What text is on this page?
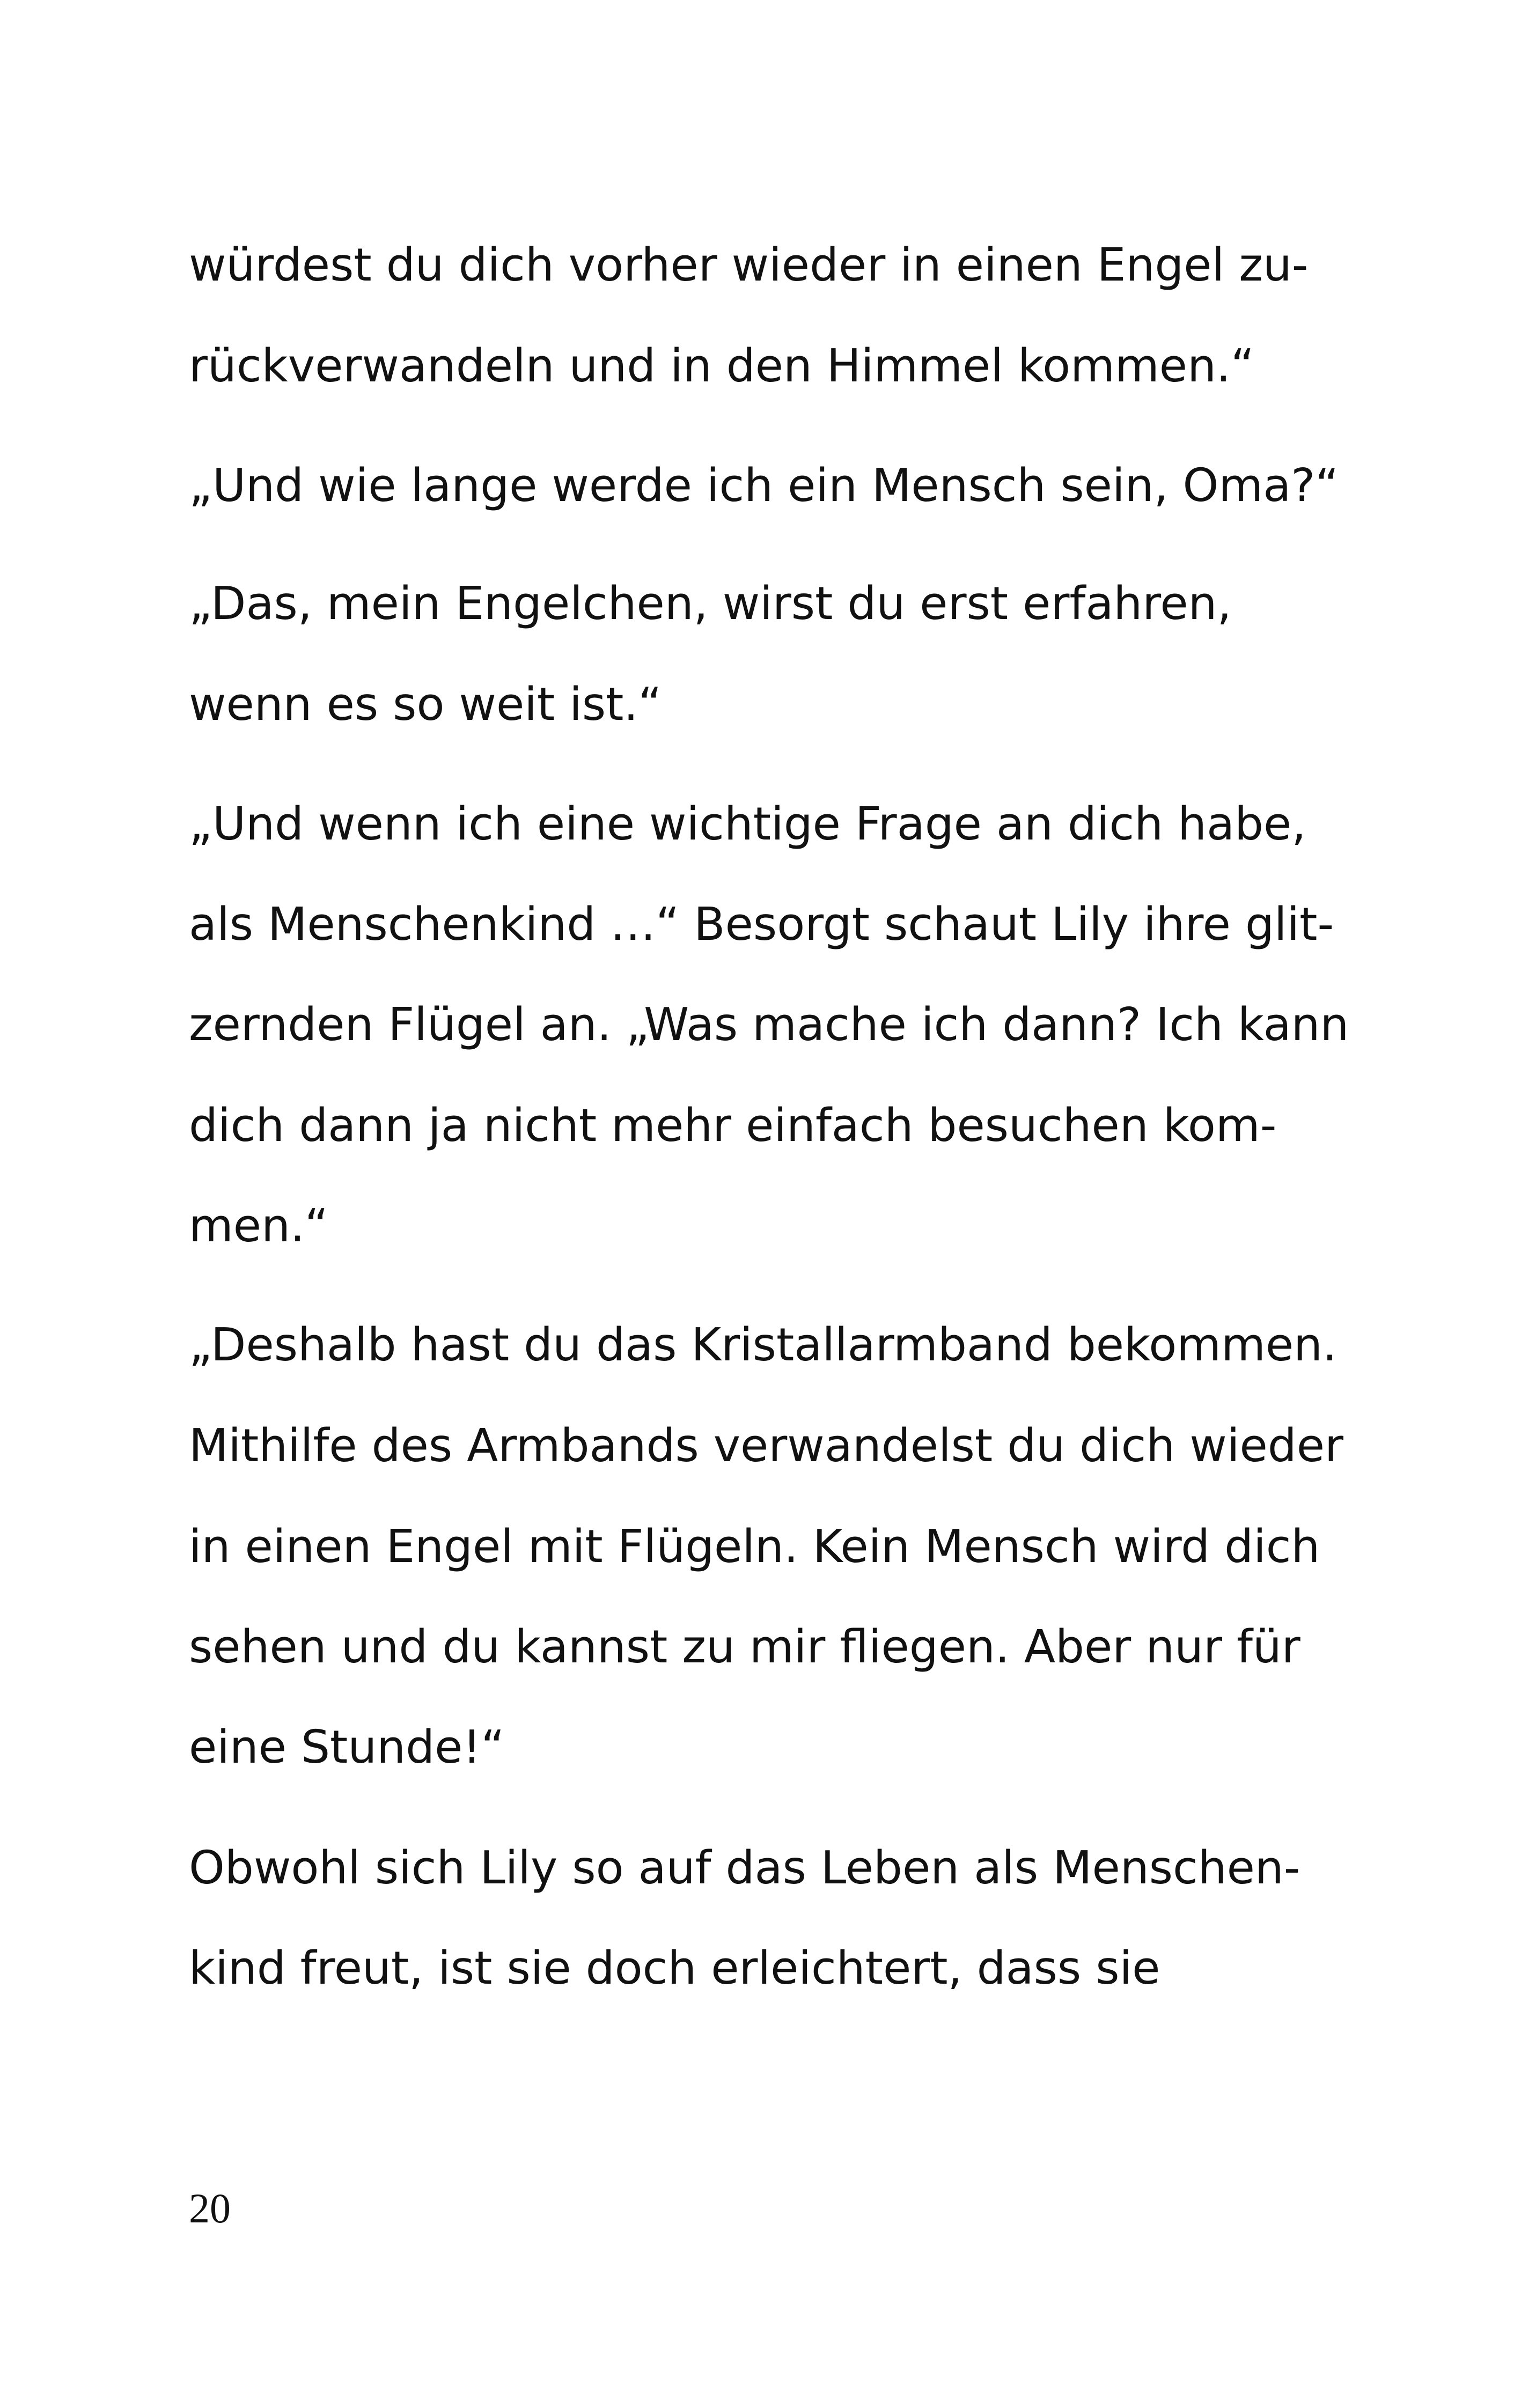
würdest du dich vorher wieder in einen Engel zu-
rückverwandeln und in den Himmel kommen.“
„Und wie lange werde ich ein Mensch sein, Oma?“
„Das, mein Engelchen, wirst du erst erfahren,
wenn es so weit ist.“
„Und wenn ich eine wichtige Frage an dich habe,
als Menschenkind …“ Besorgt schaut Lily ihre glit-
zernden Flügel an. „Was mache ich dann? Ich kann
dich dann ja nicht mehr einfach besuchen kom-
men.“
„Deshalb hast du das Kristallarmband bekommen.
Mithilfe des Armbands verwandelst du dich wieder
in einen Engel mit Flügeln. Kein Mensch wird dich
sehen und du kannst zu mir fliegen. Aber nur für
eine Stunde!“
Obwohl sich Lily so auf das Leben als Menschen-
kind freut, ist sie doch erleichtert, dass sie
20
